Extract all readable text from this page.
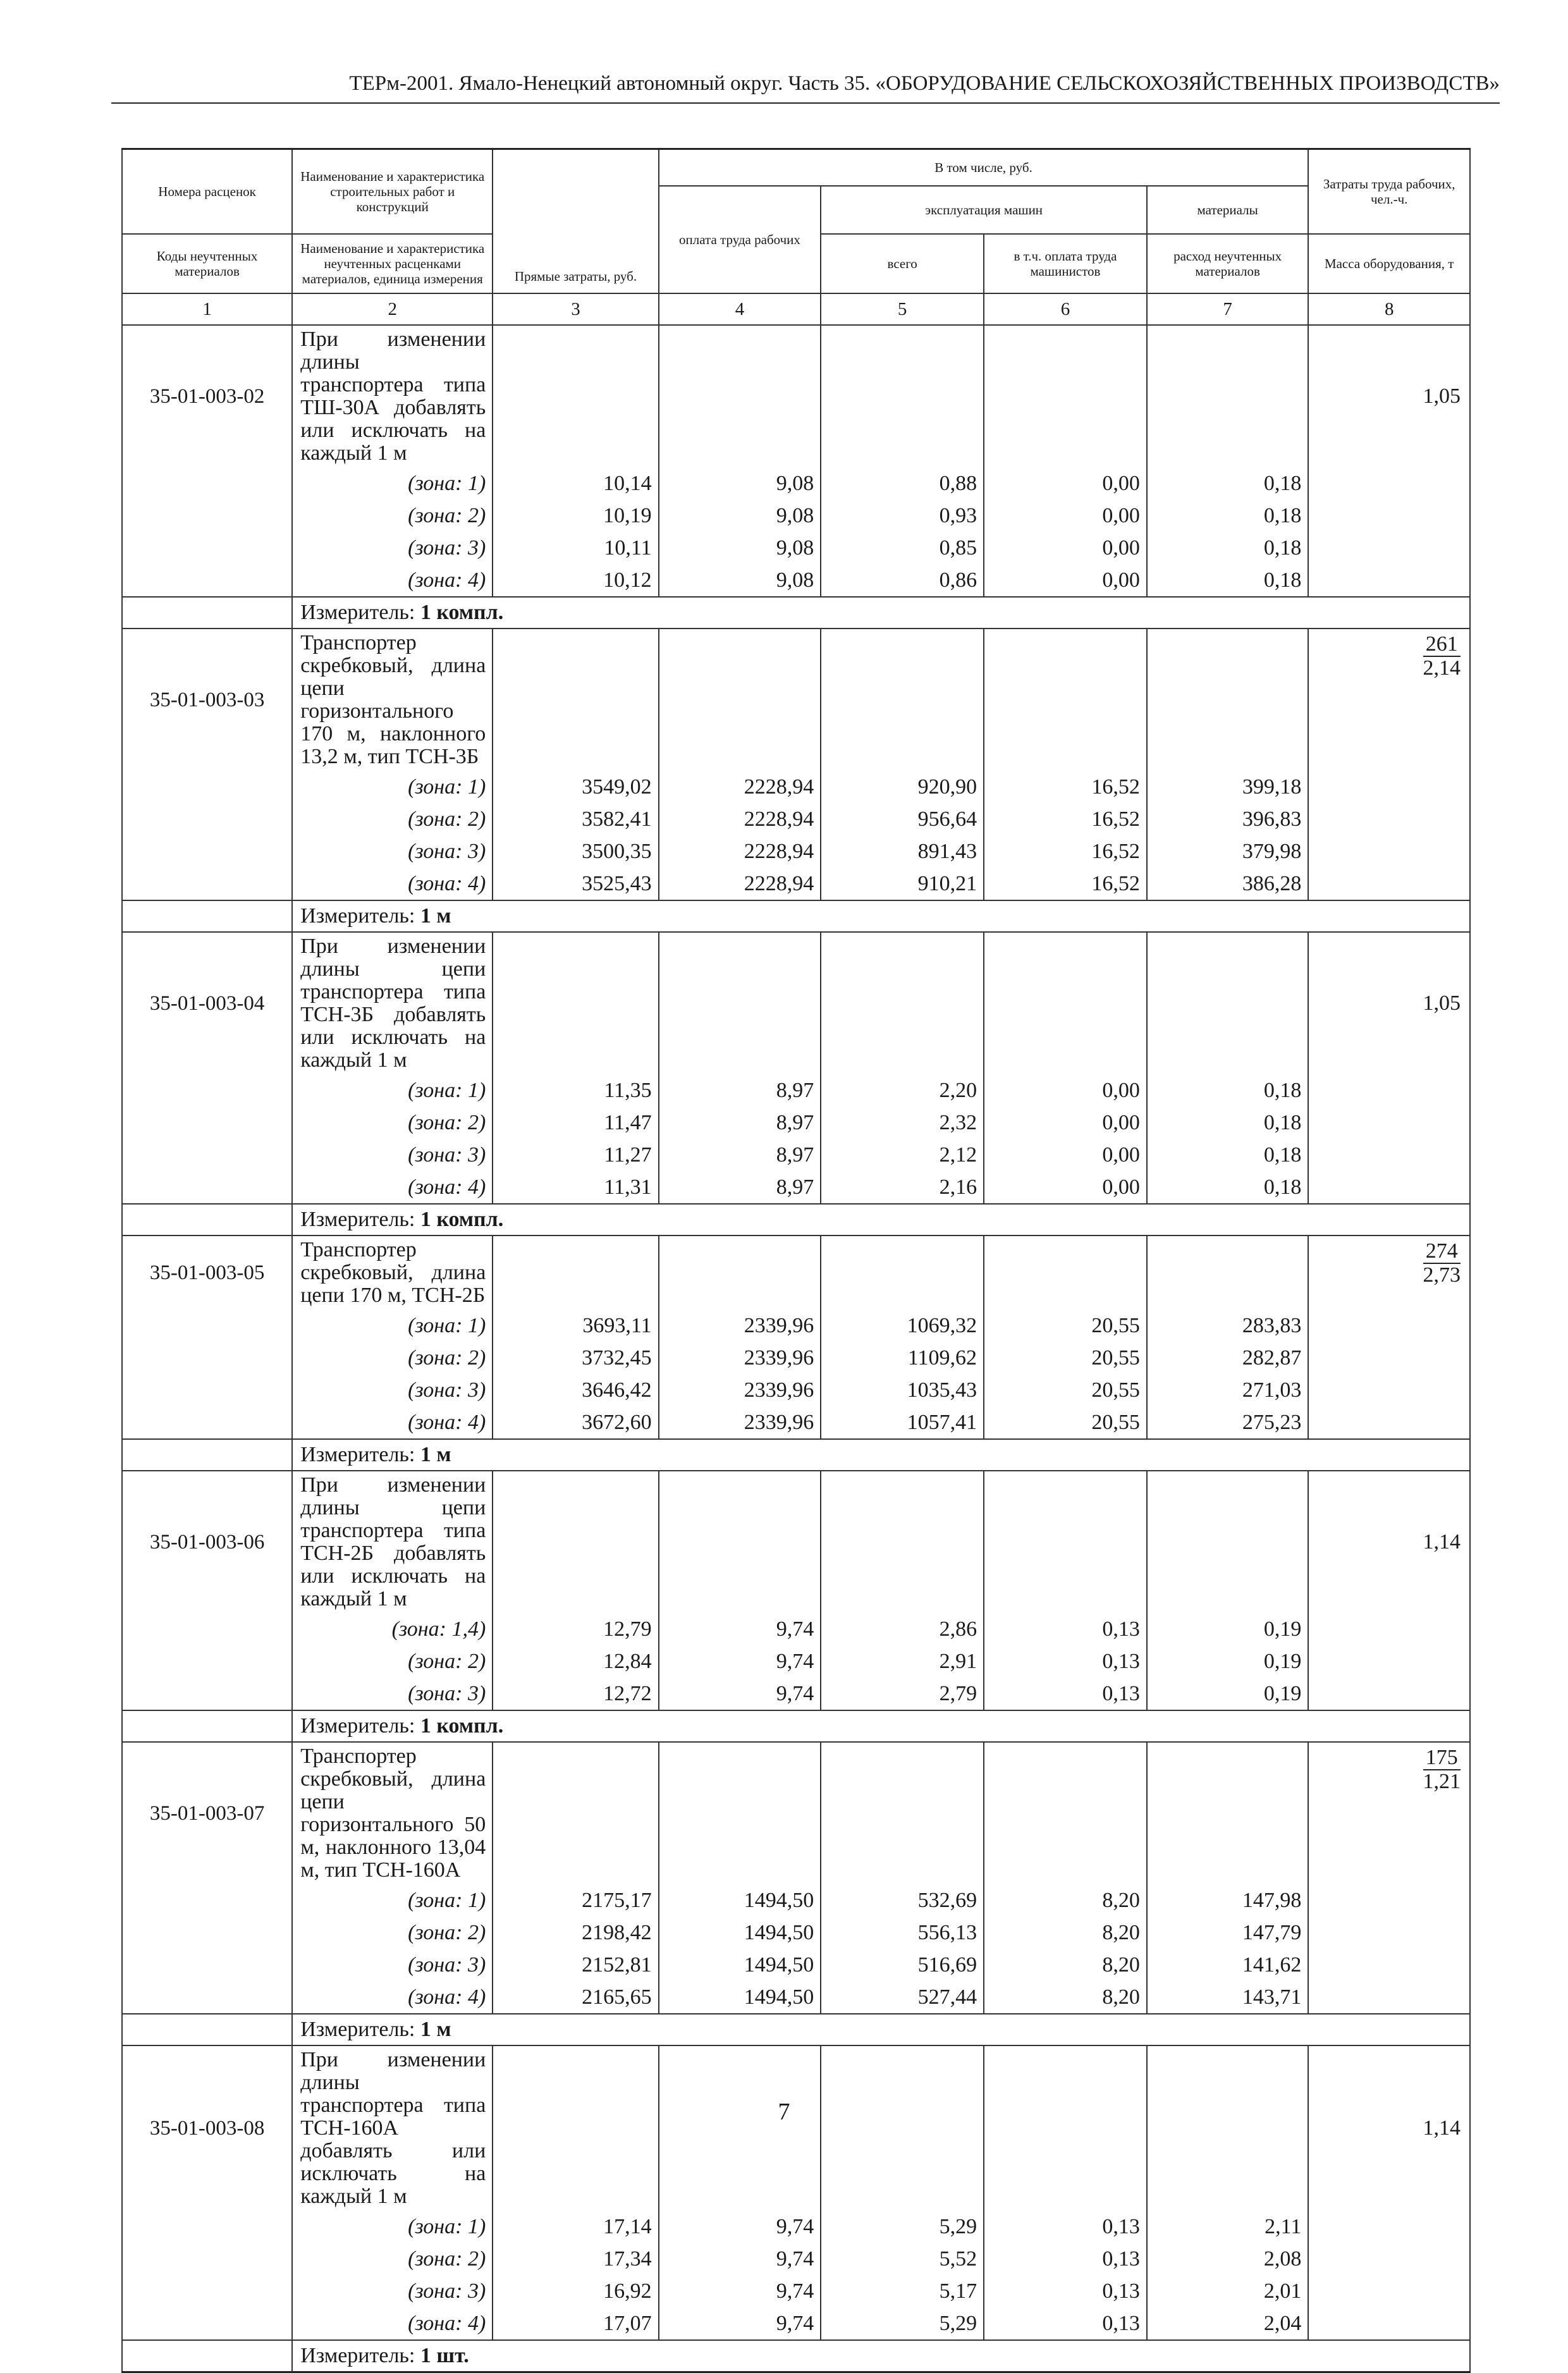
ТЕРм-2001. Ямало-Ненецкий автономный округ. Часть 35. «ОБОРУДОВАНИЕ СЕЛЬСКОХОЗЯЙСТВЕННЫХ ПРОИЗВОДСТВ»
Номера расценок	Наименование и характеристика строительных работ и конструкций	Прямые затраты, руб.	В том числе, руб.				Затраты труда рабочих, чел.-ч.
			оплата труда рабочих	эксплуатация машин		материалы	
Коды неучтенных материалов	Наименование и характеристика неучтенных расценками материалов, единица измерения			всего	в т.ч. оплата труда машинистов	расход неучтенных материалов	Масса оборудования, т
1	2	3	4	5	6	7	8
35-01-003-02	При изменении длины транспортера типа ТШ-30А добавлять или исключать на каждый 1 м						1,05
	(зона: 1)	10,14	9,08	0,88	0,00	0,18	
	(зона: 2)	10,19	9,08	0,93	0,00	0,18	
	(зона: 3)	10,11	9,08	0,85	0,00	0,18	
	(зона: 4)	10,12	9,08	0,86	0,00	0,18	
	Измеритель: 1 компл.						
35-01-003-03	Транспортер скребковый, длина цепи горизонтального 170 м, наклонного 13,2 м, тип ТСН-3Б						$\frac{261}{2,14}$

	(зона: 1)	3549,02	2228,94	920,90	16,52	399,18	
	(зона: 2)	3582,41	2228,94	956,64	16,52	396,83	
	(зона: 3)	3500,35	2228,94	891,43	16,52	379,98	
	(зона: 4)	3525,43	2228,94	910,21	16,52	386,28	
	Измеритель: 1 м						
35-01-003-04	При изменении длины цепи транспортера типа ТСН-3Б добавлять или исключать на каждый 1 м						1,05
	(зона: 1)	11,35	8,97	2,20	0,00	0,18	
	(зона: 2)	11,47	8,97	2,32	0,00	0,18	
	(зона: 3)	11,27	8,97	2,12	0,00	0,18	
	(зона: 4)	11,31	8,97	2,16	0,00	0,18	
	Измеритель: 1 компл.						
35-01-003-05	Транспортер скребковый, длина цепи 170 м, ТСН-2Б						$\frac{274}{2,73}$

	(зона: 1)	3693,11	2339,96	1069,32	20,55	283,83	
	(зона: 2)	3732,45	2339,96	1109,62	20,55	282,87	
	(зона: 3)	3646,42	2339,96	1035,43	20,55	271,03	
	(зона: 4)	3672,60	2339,96	1057,41	20,55	275,23	
	Измеритель: 1 м						
35-01-003-06	При изменении длины цепи транспортера типа ТСН-2Б добавлять или исключать на каждый 1 м						1,14
	(зона: 1,4)	12,79	9,74	2,86	0,13	0,19	
	(зона: 2)	12,84	9,74	2,91	0,13	0,19	
	(зона: 3)	12,72	9,74	2,79	0,13	0,19	
	Измеритель: 1 компл.						
35-01-003-07	Транспортер скребковый, длина цепи горизонтального 50 м, наклонного 13,04 м, тип ТСН-160А						$\frac{175}{1,21}$

	(зона: 1)	2175,17	1494,50	532,69	8,20	147,98	
	(зона: 2)	2198,42	1494,50	556,13	8,20	147,79	
	(зона: 3)	2152,81	1494,50	516,69	8,20	141,62	
	(зона: 4)	2165,65	1494,50	527,44	8,20	143,71	
	Измеритель: 1 м						
35-01-003-08	При изменении длины транспортера типа ТСН-160А добавлять или исключать на каждый 1 м						1,14
	(зона: 1)	17,14	9,74	5,29	0,13	2,11	
	(зона: 2)	17,34	9,74	5,52	0,13	2,08	
	(зона: 3)	16,92	9,74	5,17	0,13	2,01	
	(зона: 4)	17,07	9,74	5,29	0,13	2,04	
	Измеритель: 1 шт.						
7
